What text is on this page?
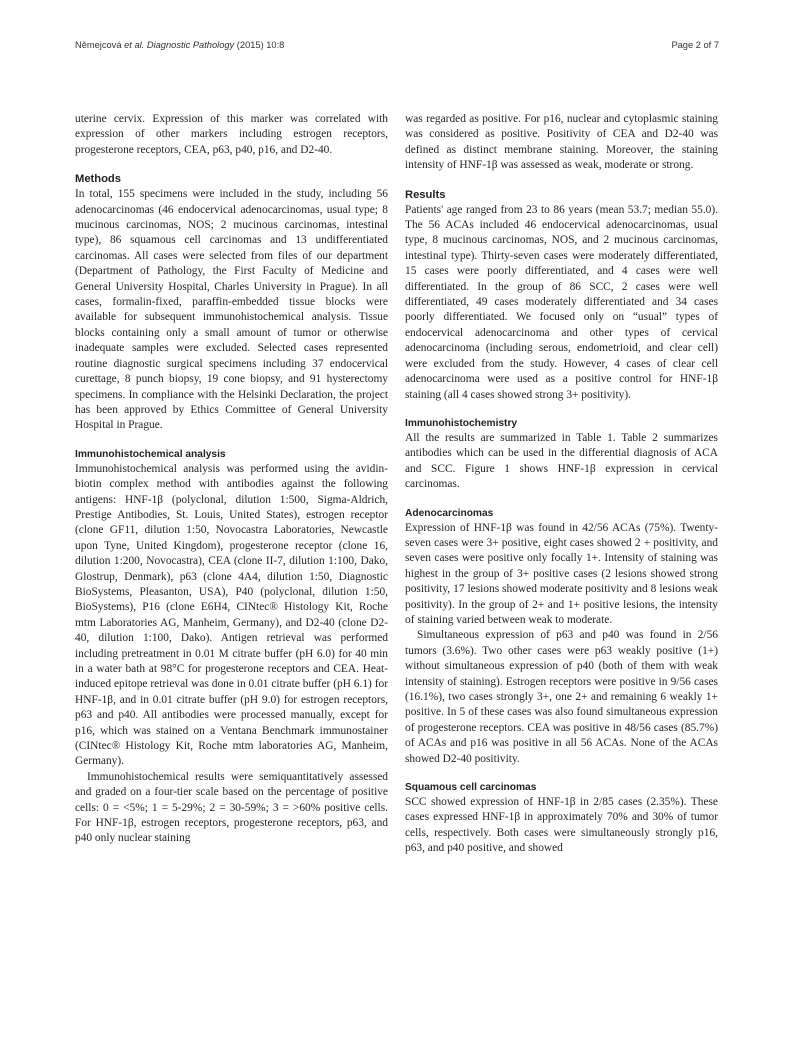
Němejcová et al. Diagnostic Pathology (2015) 10:8	Page 2 of 7

uterine cervix. Expression of this marker was correlated with expression of other markers including estrogen receptors, progesterone receptors, CEA, p63, p40, p16, and D2-40.

Methods

In total, 155 specimens were included in the study, including 56 adenocarcinomas (46 endocervical adenocarcinomas, usual type; 8 mucinous carcinomas, NOS; 2 mucinous carcinomas, intestinal type), 86 squamous cell carcinomas and 13 undifferentiated carcinomas. All cases were selected from files of our department (Department of Pathology, the First Faculty of Medicine and General University Hospital, Charles University in Prague). In all cases, formalin-fixed, paraffin-embedded tissue blocks were available for subsequent immunohistochemical analysis. Tissue blocks containing only a small amount of tumor or otherwise inadequate samples were excluded. Selected cases represented routine diagnostic surgical specimens including 37 endocervical curettage, 8 punch biopsy, 19 cone biopsy, and 91 hysterectomy specimens. In compliance with the Helsinki Declaration, the project has been approved by Ethics Committee of General University Hospital in Prague.

Immunohistochemical analysis

Immunohistochemical analysis was performed using the avidin-biotin complex method with antibodies against the following antigens: HNF-1β (polyclonal, dilution 1:500, Sigma-Aldrich, Prestige Antibodies, St. Louis, United States), estrogen receptor (clone GF11, dilution 1:50, Novocastra Laboratories, Newcastle upon Tyne, United Kingdom), progesterone receptor (clone 16, dilution 1:200, Novocastra), CEA (clone II-7, dilution 1:100, Dako, Glostrup, Denmark), p63 (clone 4A4, dilution 1:50, Diagnostic BioSystems, Pleasanton, USA), P40 (polyclonal, dilution 1:50, BioSystems), P16 (clone E6H4, CINtec® Histology Kit, Roche mtm Laboratories AG, Manheim, Germany), and D2-40 (clone D2-40, dilution 1:100, Dako). Antigen retrieval was performed including pretreatment in 0.01 M citrate buffer (pH 6.0) for 40 min in a water bath at 98°C for progesterone receptors and CEA. Heat-induced epitope retrieval was done in 0.01 citrate buffer (pH 6.1) for HNF-1β, and in 0.01 citrate buffer (pH 9.0) for estrogen receptors, p63 and p40. All antibodies were processed manually, except for p16, which was stained on a Ventana Benchmark immunostainer (CINtec® Histology Kit, Roche mtm laboratories AG, Manheim, Germany).

Immunohistochemical results were semiquantitatively assessed and graded on a four-tier scale based on the percentage of positive cells: 0 = <5%; 1 = 5-29%; 2 = 30-59%; 3 = >60% positive cells. For HNF-1β, estrogen receptors, progesterone receptors, p63, and p40 only nuclear staining

was regarded as positive. For p16, nuclear and cytoplasmic staining was considered as positive. Positivity of CEA and D2-40 was defined as distinct membrane staining. Moreover, the staining intensity of HNF-1β was assessed as weak, moderate or strong.

Results

Patients' age ranged from 23 to 86 years (mean 53.7; median 55.0). The 56 ACAs included 46 endocervical adenocarcinomas, usual type, 8 mucinous carcinomas, NOS, and 2 mucinous carcinomas, intestinal type). Thirty-seven cases were moderately differentiated, 15 cases were poorly differentiated, and 4 cases were well differentiated. In the group of 86 SCC, 2 cases were well differentiated, 49 cases moderately differentiated and 34 cases poorly differentiated. We focused only on “usual” types of endocervical adenocarcinoma and other types of cervical adenocarcinoma (including serous, endometrioid, and clear cell) were excluded from the study. However, 4 cases of clear cell adenocarcinoma were used as a positive control for HNF-1β staining (all 4 cases showed strong 3+ positivity).

Immunohistochemistry

All the results are summarized in Table 1. Table 2 summarizes antibodies which can be used in the differential diagnosis of ACA and SCC. Figure 1 shows HNF-1β expression in cervical carcinomas.

Adenocarcinomas

Expression of HNF-1β was found in 42/56 ACAs (75%). Twenty-seven cases were 3+ positive, eight cases showed 2 + positivity, and seven cases were positive only focally 1+. Intensity of staining was highest in the group of 3+ positive cases (2 lesions showed strong positivity, 17 lesions showed moderate positivity and 8 lesions weak positivity). In the group of 2+ and 1+ positive lesions, the intensity of staining varied between weak to moderate.

Simultaneous expression of p63 and p40 was found in 2/56 tumors (3.6%). Two other cases were p63 weakly positive (1+) without simultaneous expression of p40 (both of them with weak intensity of staining). Estrogen receptors were positive in 9/56 cases (16.1%), two cases strongly 3+, one 2+ and remaining 6 weakly 1+ positive. In 5 of these cases was also found simultaneous expression of progesterone receptors. CEA was positive in 48/56 cases (85.7%) of ACAs and p16 was positive in all 56 ACAs. None of the ACAs showed D2-40 positivity.

Squamous cell carcinomas

SCC showed expression of HNF-1β in 2/85 cases (2.35%). These cases expressed HNF-1β in approximately 70% and 30% of tumor cells, respectively. Both cases were simultaneously strongly p16, p63, and p40 positive, and showed
